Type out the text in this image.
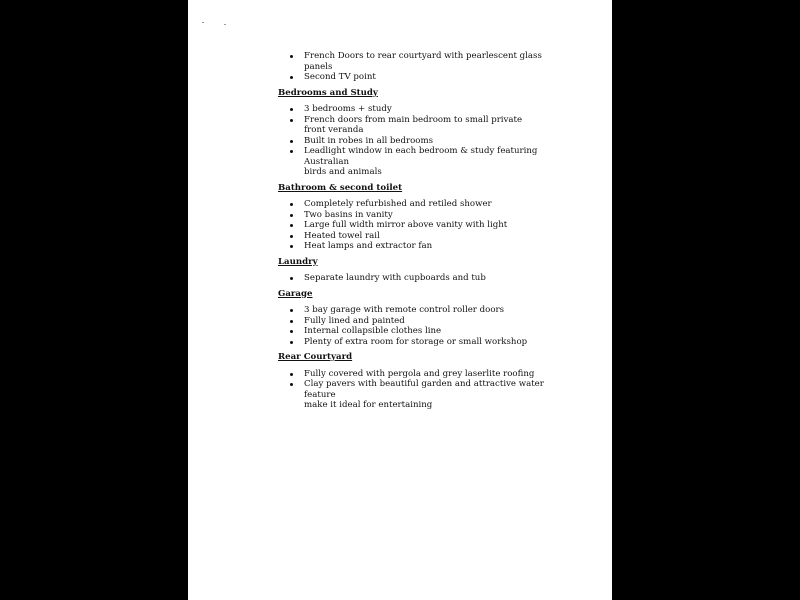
French Doors to rear courtyard with pearlescent glass panels
Second TV point
Bedrooms and Study
3 bedrooms + study
French doors from main bedroom to small private front veranda
Built in robes in all bedrooms
Leadlight window in each bedroom & study featuring Australian
birds and animals
Bathroom & second toilet
Completely refurbished and retiled shower
Two basins in vanity
Large full width mirror above vanity with light
Heated towel rail
Heat lamps and extractor fan
Laundry
Separate laundry with cupboards and tub
Garage
3 bay garage with remote control roller doors
Fully lined and painted
Internal collapsible clothes line
Plenty of extra room for storage or small workshop
Rear Courtyard
Fully covered with pergola and grey laserlite roofing
Clay pavers with beautiful garden and attractive water feature
make it ideal for entertaining
